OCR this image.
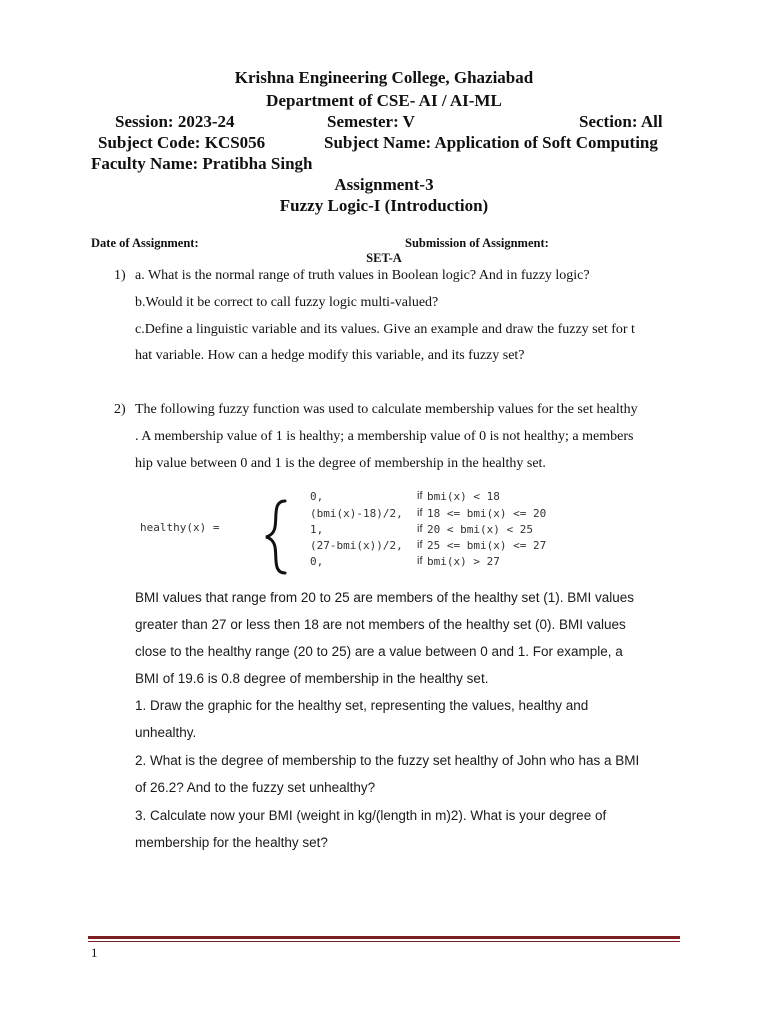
Krishna Engineering College, Ghaziabad
Department of CSE- AI / AI-ML
Session: 2023-24	Semester: V	Section: All
Subject Code: KCS056	Subject Name: Application of Soft Computing
Faculty Name: Pratibha Singh
Assignment-3
Fuzzy Logic-I (Introduction)
Date of Assignment:	Submission of Assignment:
SET-A
1) a. What is the normal range of truth values in Boolean logic? And in fuzzy logic?
b.Would it be correct to call fuzzy logic multi-valued?
c.Define a linguistic variable and its values. Give an example and draw the fuzzy set for t
hat variable. How can a hedge modify this variable, and its fuzzy set?
2) The following fuzzy function was used to calculate membership values for the set healthy
. A membership value of 1 is healthy; a membership value of 0 is not healthy; a members
hip value between 0 and 1 is the degree of membership in the healthy set.
healthy(x) =
0,	if bmi(x) < 18
(bmi(x)-18)/2, if 18 <= bmi(x) <= 20
1,	if 20 < bmi(x) < 25
(27-bmi(x))/2, if 25 <= bmi(x) <= 27
0,	if bmi(x) > 27
BMI values that range from 20 to 25 are members of the healthy set (1). BMI values
greater than 27 or less then 18 are not members of the healthy set (0). BMI values
close to the healthy range (20 to 25) are a value between 0 and 1. For example, a
BMI of 19.6 is 0.8 degree of membership in the healthy set.
1. Draw the graphic for the healthy set, representing the values, healthy and
unhealthy.
2. What is the degree of membership to the fuzzy set healthy of John who has a BMI
of 26.2? And to the fuzzy set unhealthy?
3. Calculate now your BMI (weight in kg/(length in m)2). What is your degree of
membership for the healthy set?
1
